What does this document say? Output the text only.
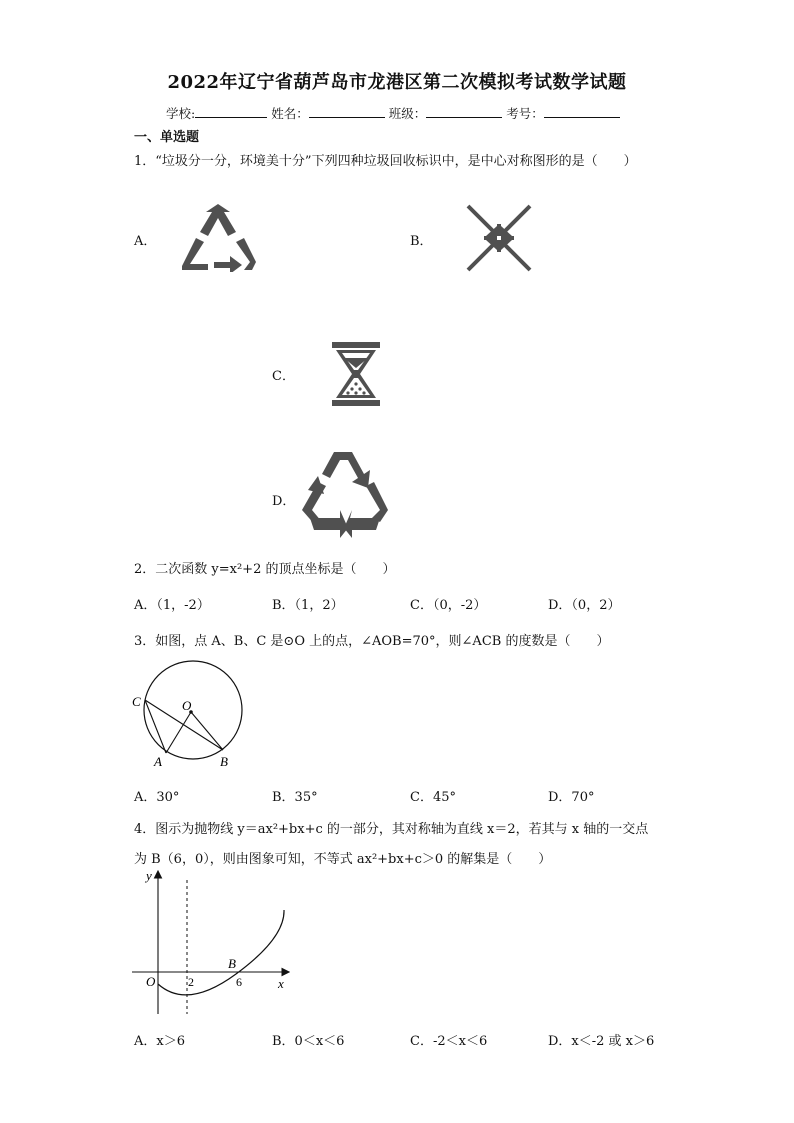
2022年辽宁省葫芦岛市龙港区第二次模拟考试数学试题
学校:	姓名：	班级：	考号：
一、单选题
1．“垃圾分一分，环境美十分”下列四种垃圾回收标识中，是中心对称图形的是（　　）
A．	B．
C．
D．
2．二次函数 y=x²+2 的顶点坐标是（　　）
A．（1，-2）	B．（1，2）	C．（0，-2）	D．（0，2）
3．如图，点 A、B、C 是⊙O 上的点，∠AOB=70°，则∠ACB 的度数是（　　）
C	O
A	B
A．30°	B．35°	C．45°	D．70°
4．图示为抛物线 y＝ax²+bx+c 的一部分，其对称轴为直线 x＝2，若其与 x 轴的一交点
为 B（6，0），则由图象可知，不等式 ax²+bx+c＞0 的解集是（　　）
y
x
O	2	6
B
A．x＞6	B．0＜x＜6	C．-2＜x＜6	D．x＜-2 或 x＞6
